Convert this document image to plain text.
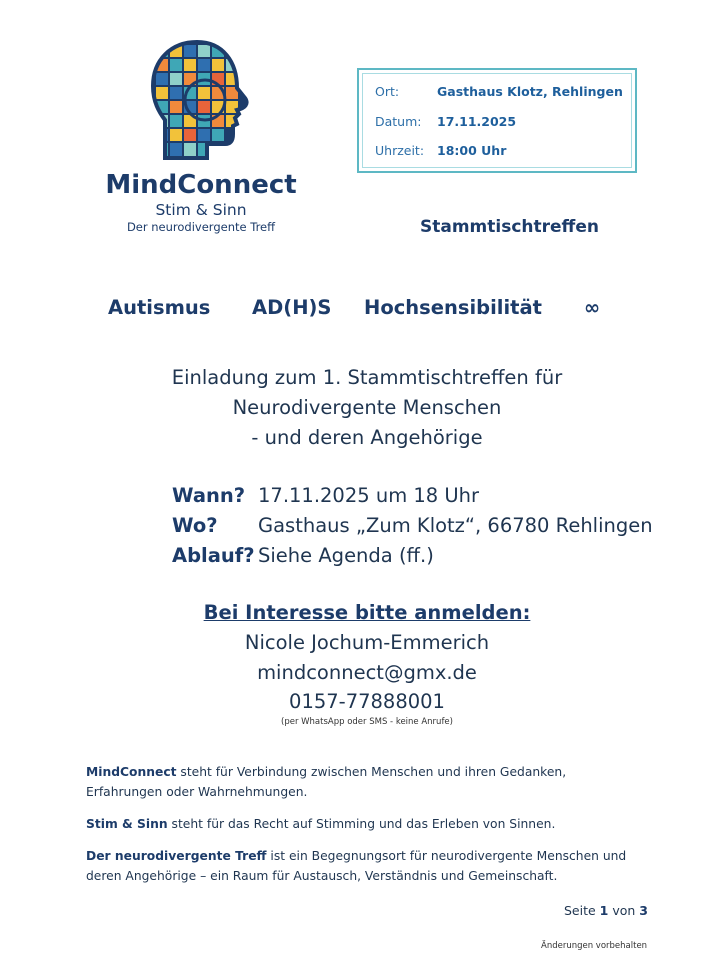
MindConnect
Stim & Sinn
Der neurodivergente Treff
Ort:	Gasthaus Klotz, Rehlingen
Datum: 17.11.2025
Uhrzeit: 18:00 Uhr
Stammtischtreffen
Autismus AD(H)S Hochsensibilität ∞
Einladung zum 1. Stammtischtreffen für
Neurodivergente Menschen
- und deren Angehörige
Wann? 17.11.2025 um 18 Uhr
Wo? Gasthaus „Zum Klotz“, 66780 Rehlingen
Ablauf? Siehe Agenda (ff.)
Bei Interesse bitte anmelden:
Nicole Jochum-Emmerich
mindconnect@gmx.de
0157-77888001
(per WhatsApp oder SMS - keine Anrufe)
MindConnect steht für Verbindung zwischen Menschen und ihren Gedanken,
Erfahrungen oder Wahrnehmungen.
Stim & Sinn steht für das Recht auf Stimming und das Erleben von Sinnen.
Der neurodivergente Treff ist ein Begegnungsort für neurodivergente Menschen und
deren Angehörige – ein Raum für Austausch, Verständnis und Gemeinschaft.
Seite 1 von 3
Änderungen vorbehalten
